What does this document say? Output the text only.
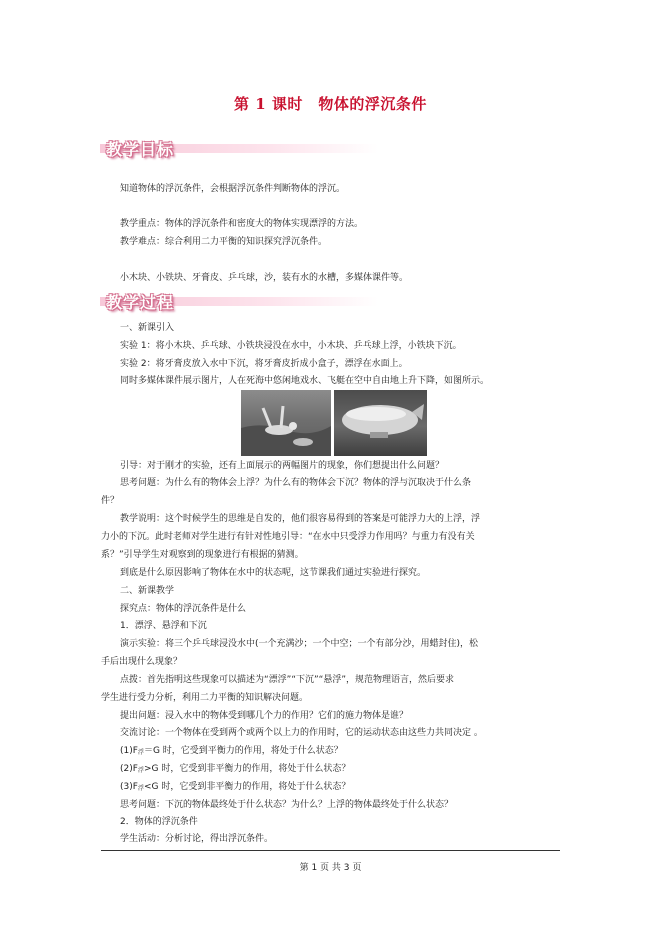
第 1 课时　物体的浮沉条件
教学目标
知道物体的浮沉条件，会根据浮沉条件判断物体的浮沉。
教学重点：物体的浮沉条件和密度大的物体实现漂浮的方法。
教学难点：综合利用二力平衡的知识探究浮沉条件。
小木块、小铁块、牙膏皮、乒乓球，沙，装有水的水槽，多媒体课件等。
教学过程
一、新课引入
实验 1：将小木块、乒乓球、小铁块浸没在水中，小木块、乒乓球上浮，小铁块下沉。
实验 2：将牙膏皮放入水中下沉，将牙膏皮折成小盒子，漂浮在水面上。
同时多媒体课件展示图片，人在死海中悠闲地戏水、飞艇在空中自由地上升下降，如图所示。
引导：对于刚才的实验，还有上面展示的两幅图片的现象，你们想提出什么问题？
思考问题：为什么有的物体会上浮？为什么有的物体会下沉？物体的浮与沉取决于什么条
件？
教学说明：这个时候学生的思维是自发的，他们很容易得到的答案是可能浮力大的上浮，浮
力小的下沉。此时老师对学生进行有针对性地引导：“在水中只受浮力作用吗？与重力有没有关
系？”引导学生对观察到的现象进行有根据的猜测。
到底是什么原因影响了物体在水中的状态呢，这节课我们通过实验进行探究。
二、新课教学
探究点：物体的浮沉条件是什么
1．漂浮、悬浮和下沉
演示实验：将三个乒乓球浸没水中(一个充满沙；一个中空；一个有部分沙，用蜡封住)，松
手后出现什么现象？
点拨：首先指明这些现象可以描述为“漂浮”“下沉”“悬浮”，规范物理语言，然后要求
学生进行受力分析，利用二力平衡的知识解决问题。
提出问题：浸入水中的物体受到哪几个力的作用？它们的施力物体是谁？
交流讨论：一个物体在受到两个或两个以上力的作用时，它的运动状态由这些力共同决定 。
(1)F浮＝G 时，它受到平衡力的作用，将处于什么状态？
(2)F浮>G 时，它受到非平衡力的作用，将处于什么状态？
(3)F浮<G 时，它受到非平衡力的作用，将处于什么状态？
思考问题：下沉的物体最终处于什么状态？为什么？上浮的物体最终处于什么状态？
2．物体的浮沉条件
学生活动：分析讨论，得出浮沉条件。
第 1 页 共 3 页
